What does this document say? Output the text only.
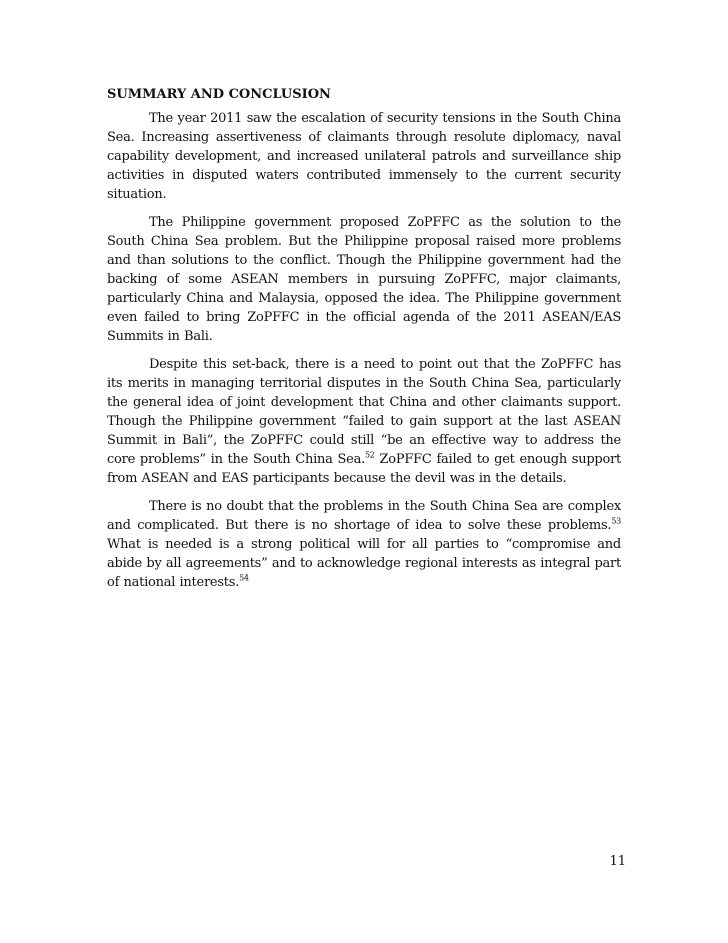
SUMMARY AND CONCLUSION

The year 2011 saw the escalation of security tensions in the South China Sea. Increasing assertiveness of claimants through resolute diplomacy, naval capability development, and increased unilateral patrols and surveillance ship activities in disputed waters contributed immensely to the current security situation.

The Philippine government proposed ZoPFFC as the solution to the South China Sea problem. But the Philippine proposal raised more problems and than solutions to the conflict. Though the Philippine government had the backing of some ASEAN members in pursuing ZoPFFC, major claimants, particularly China and Malaysia, opposed the idea. The Philippine government even failed to bring ZoPFFC in the official agenda of the 2011 ASEAN/EAS Summits in Bali.

Despite this set-back, there is a need to point out that the ZoPFFC has its merits in managing territorial disputes in the South China Sea, particularly the general idea of joint development that China and other claimants support. Though the Philippine government “failed to gain support at the last ASEAN Summit in Bali”, the ZoPFFC could still “be an effective way to address the core problems” in the South China Sea.$^{52}$ ZoPFFC failed to get enough support from ASEAN and EAS participants because the devil was in the details.

There is no doubt that the problems in the South China Sea are complex and complicated. But there is no shortage of idea to solve these problems.$^{53}$ What is needed is a strong political will for all parties to “compromise and abide by all agreements” and to acknowledge regional interests as integral part of national interests.$^{54}$

11
